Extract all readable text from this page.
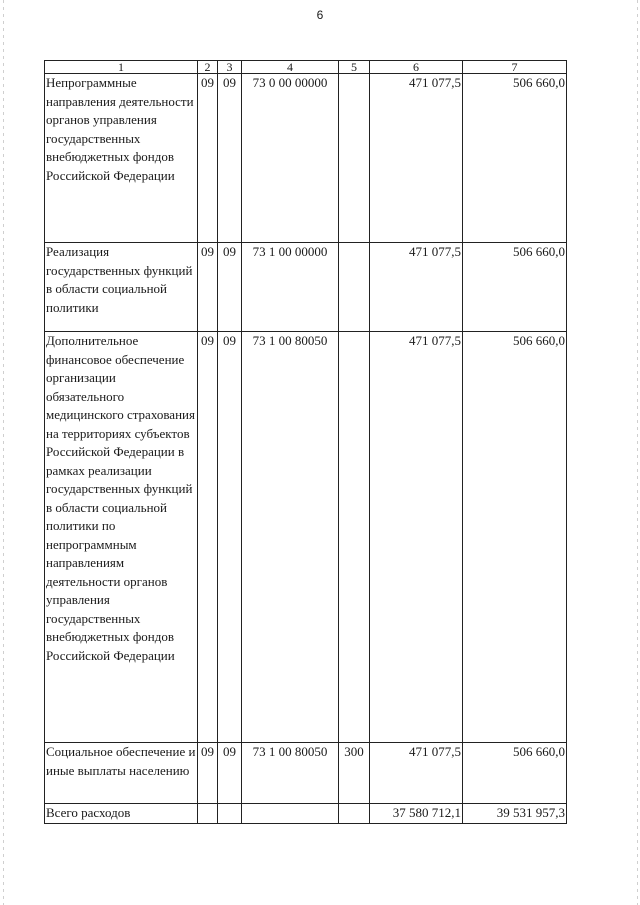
6
1	2	3	4	5	6	7
Непрограммные направления деятельности органов управления государственных внебюджетных фондов Российской Федерации	09	09	73 0 00 00000		471 077,5	506 660,0
Реализация государственных функций в области социальной политики	09	09	73 1 00 00000		471 077,5	506 660,0
Дополнительное финансовое обеспечение организации обязательного медицинского страхования на территориях субъектов Российской Федерации в рамках реализации государственных функций в области социальной политики по непрограммным направлениям деятельности органов управления государственных внебюджетных фондов Российской Федерации	09	09	73 1 00 80050		471 077,5	506 660,0
Социальное обеспечение и иные выплаты населению	09	09	73 1 00 80050	300	471 077,5	506 660,0
Всего расходов					37 580 712,1	39 531 957,3
